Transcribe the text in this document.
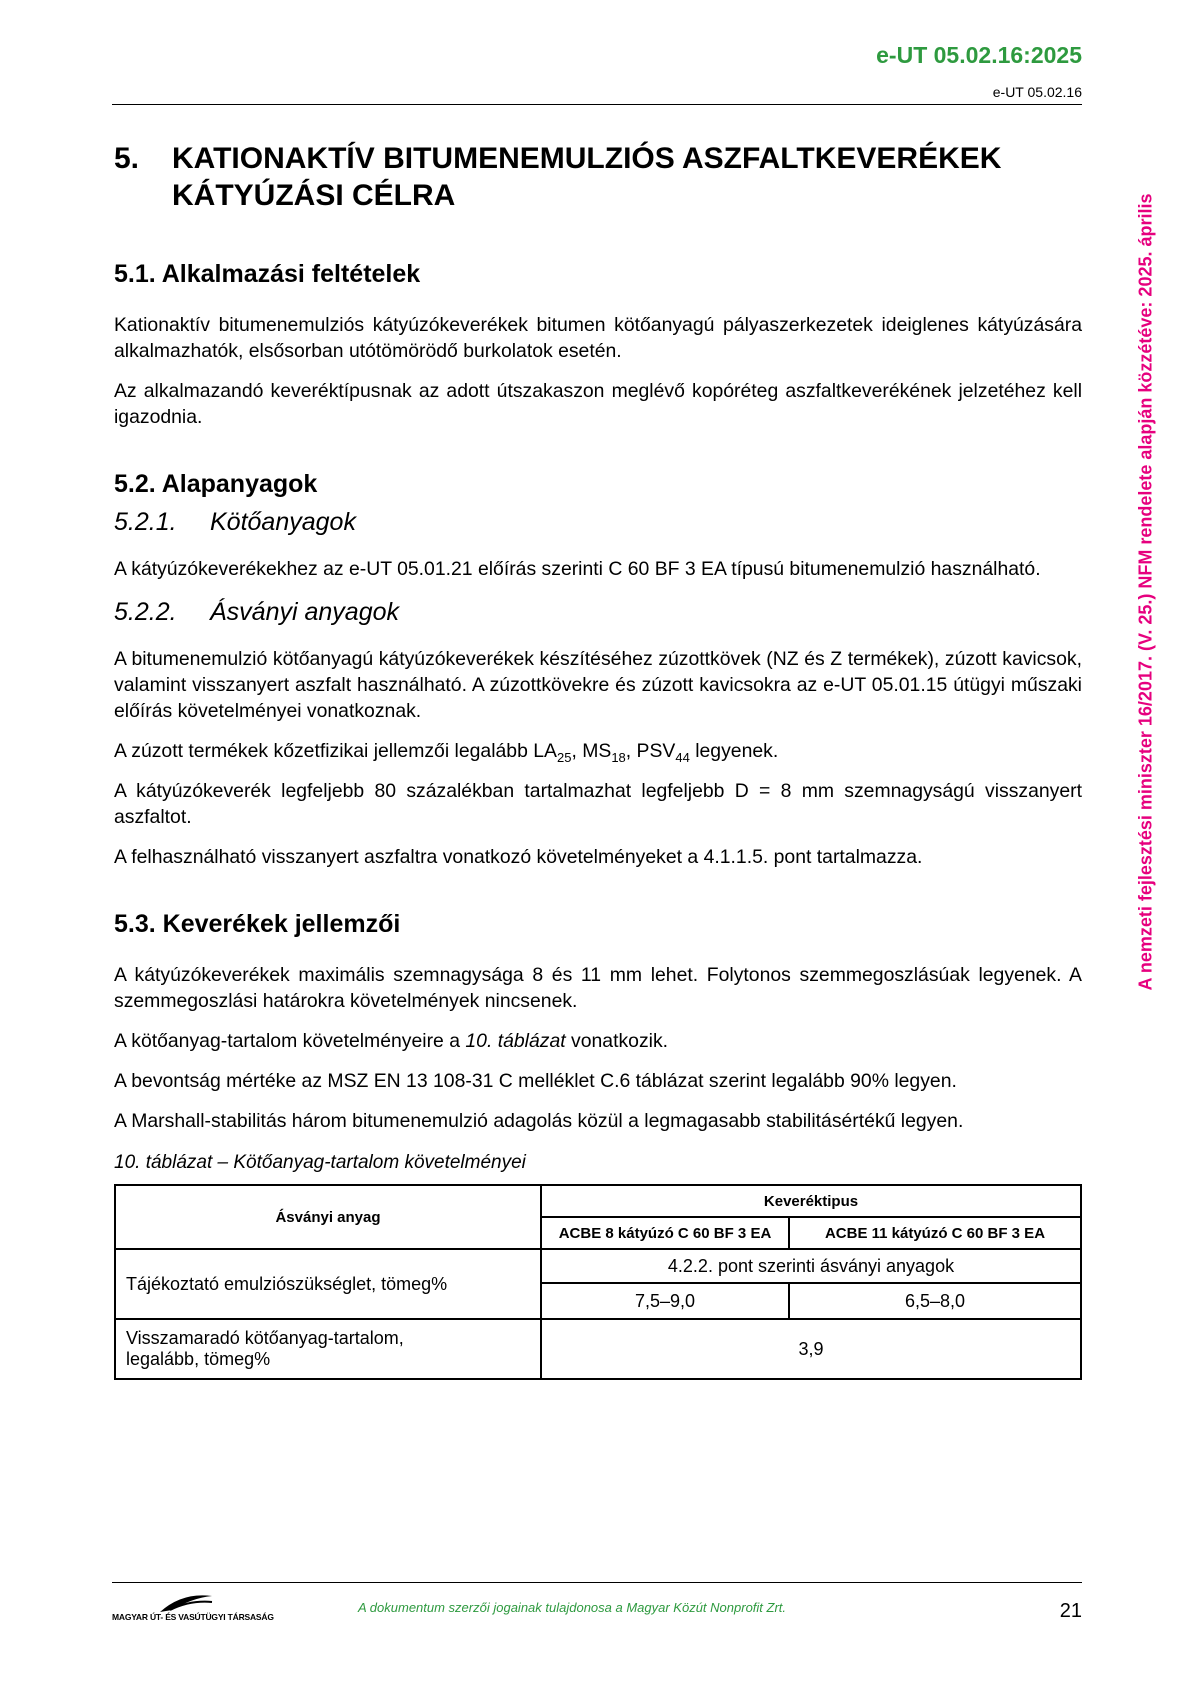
e-UT 05.02.16:2025
e-UT 05.02.16
A nemzeti fejlesztési miniszter 16/2017. (V. 25.) NFM rendelete alapján közzétéve: 2025. április
5.	KATIONAKTÍV BITUMENEMULZIÓS ASZFALTKEVERÉKEK
KÁTYÚZÁSI CÉLRA
5.1. Alkalmazási feltételek

Kationaktív bitumenemulziós kátyúzókeverékek bitumen kötőanyagú pályaszerkezetek ideiglenes kátyúzására alkalmazhatók, elsősorban utótömörödő burkolatok esetén.

Az alkalmazandó keveréktípusnak az adott útszakaszon meglévő kopóréteg aszfaltkeverékének jelzetéhez kell igazodnia.

5.2. Alapanyagok
5.2.1.	Kötőanyagok

A kátyúzókeverékekhez az e-UT 05.01.21 előírás szerinti C 60 BF 3 EA típusú bitumenemulzió használható.

5.2.2.	Ásványi anyagok

A bitumenemulzió kötőanyagú kátyúzókeverékek készítéséhez zúzottkövek (NZ és Z termékek), zúzott kavicsok, valamint visszanyert aszfalt használható. A zúzottkövekre és zúzott kavicsokra az e-UT 05.01.15 útügyi műszaki előírás követelményei vonatkoznak.

A zúzott termékek kőzetfizikai jellemzői legalább $LA_{25}$, $MS_{18}$, $PSV_{44}$ legyenek.

A kátyúzókeverék legfeljebb 80 százalékban tartalmazhat legfeljebb D = 8 mm szemnagyságú visszanyert aszfaltot.

A felhasználható visszanyert aszfaltra vonatkozó követelményeket a 4.1.1.5. pont tartalmazza.

5.3. Keverékek jellemzői

A kátyúzókeverékek maximális szemnagysága 8 és 11 mm lehet. Folytonos szemmegoszlásúak legyenek. A szemmegoszlási határokra követelmények nincsenek.

A kötőanyag-tartalom követelményeire a 10. táblázat vonatkozik.

A bevontság mértéke az MSZ EN 13 108-31 C melléklet C.6 táblázat szerint legalább 90% legyen.

A Marshall-stabilitás három bitumenemulzió adagolás közül a legmagasabb stabilitásértékű legyen.

10. táblázat – Kötőanyag-tartalom követelményei
Ásványi anyag	Keveréktipus	
	ACBE 8 kátyúzó C 60 BF 3 EA	ACBE 11 kátyúzó C 60 BF 3 EA
Tájékoztató emulziószükséglet, tömeg%	4.2.2. pont szerinti ásványi anyagok	
	7,5–9,0	6,5–8,0
Visszamaradó kötőanyag-tartalom,
legalább, tömeg%	3,9	
MAGYAR ÚT- ÉS VASÚTÜGYI TÁRSASÁG
A dokumentum szerzői jogainak tulajdonosa a Magyar Közút Nonprofit Zrt.	21
